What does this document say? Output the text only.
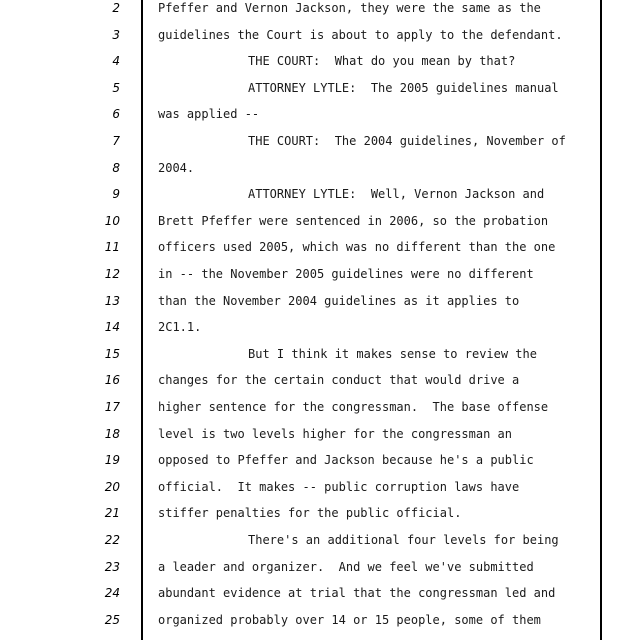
2	Pfeffer and Vernon Jackson, they were the same as the
3	guidelines the Court is about to apply to the defendant.
4	THE COURT:  What do you mean by that?
5	ATTORNEY LYTLE:  The 2005 guidelines manual
6	was applied --
7	THE COURT:  The 2004 guidelines, November of
8	2004.
9	ATTORNEY LYTLE:  Well, Vernon Jackson and
10	Brett Pfeffer were sentenced in 2006, so the probation
11	officers used 2005, which was no different than the one
12	in -- the November 2005 guidelines were no different
13	than the November 2004 guidelines as it applies to
14	2C1.1.
15	But I think it makes sense to review the
16	changes for the certain conduct that would drive a
17	higher sentence for the congressman.  The base offense
18	level is two levels higher for the congressman an
19	opposed to Pfeffer and Jackson because he's a public
20	official.  It makes -- public corruption laws have
21	stiffer penalties for the public official.
22	There's an additional four levels for being
23	a leader and organizer.  And we feel we've submitted
24	abundant evidence at trial that the congressman led and
25	organized probably over 14 or 15 people, some of them
